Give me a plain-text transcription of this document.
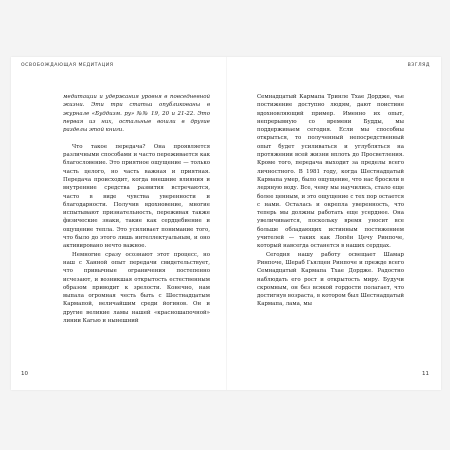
ОСВОБОЖДАЮЩАЯ МЕДИТАЦИЯ

медитации и удержания уровня в повседневной жизни. Эти три статьи опубликованы в журнале «Буддизм. ру» №№ 19, 20 и 21-22. Это первая из них, остальные вошли в другие разделы этой книги.

Что такое передача? Она проявляется различными способами и часто переживается как благословение. Это приятное ощущение — только часть целого, но часть важная и приятная. Передача происходит, когда внешние влияния и внутренние средства развития встречаются, часто в виде чувства уверенности и благодарности. Получив вдохновение, многие испытывают признательность, переживая также физические знаки, такие как сердцебиение и ощущение тепла. Это усиливает понимание того, что было до этого лишь интеллектуальным, и оно активировано нечто важное.

Немногие сразу осознают этот процесс, но наш с Ханной опыт передачи свидетельствует, что привычные ограничения постепенно исчезают, и возникшая открытость естественным образом приводит к зрелости. Конечно, нам выпала огромная честь быть с Шестнадцатым Кармапой, величайшим среди йогинов. Он и другие великие ламы нашей «красношапочной» линии Кагью и нынешний

10
ВЗГЛЯД

Семнадцатый Кармапа Тринле Тхае Дордже, чье постижение доступно людям, дают поистине вдохновляющий пример. Именно их опыт, непрерывную со времени Будды, мы поддерживаем сегодня. Если мы способны открыться, то полученный непосредственный опыт будет усиливаться и углубляться на протяжении всей жизни вплоть до Просветления. Кроме того, передача выходит за пределы всего личностного. В 1981 году, когда Шестнадцатый Кармапа умер, было ощущение, что нас бросили в ледяную воду. Все, чему мы научились, стало еще более ценным, и это ощущение с тех пор остается с нами. Осталась и окрепла уверенность, что теперь мы должны работать еще усерднее. Она увеличивается, поскольку время уносит все больше обладающих истинным постижением учителей — таких как Лопён Цечу Ринпоче, который навсегда останется в наших сердцах.

Сегодня нашу работу освещает Шамар Ринпоче, Шераб Гьялцен Ринпоче и прежде всего Семнадцатый Кармапа Тхае Дордже. Радостно наблюдать его рост и открытость миру. Будучи скромным, он без всякой гордости полагает, что достигнув возраста, в котором был Шестнадцатый Кармапа, лама, мы

11
